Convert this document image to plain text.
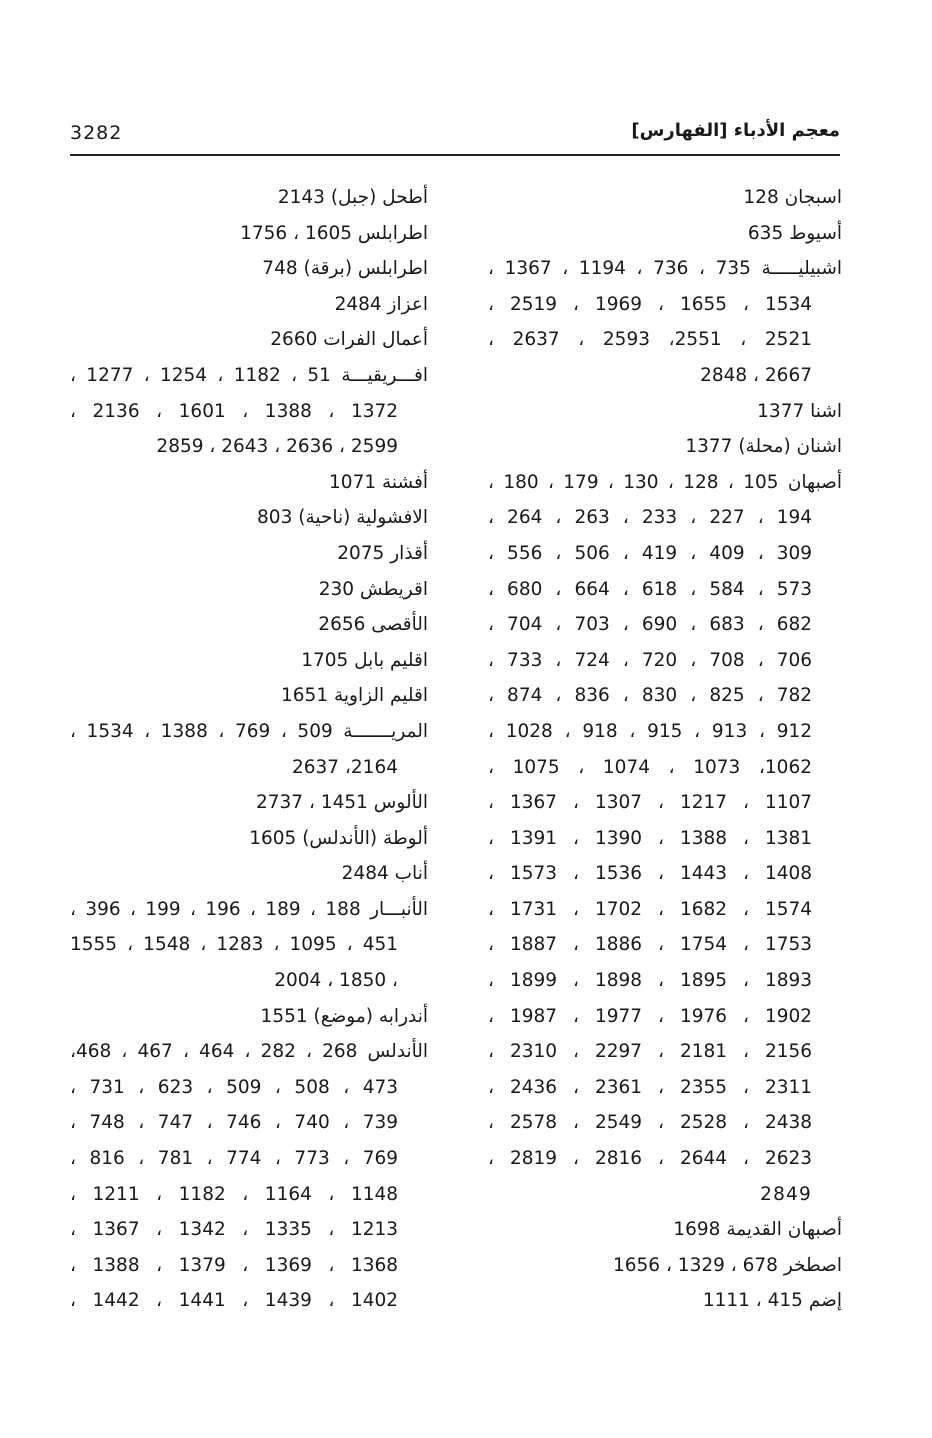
3282	معجم الأدباء [الفهارس]
اسبجان 128
أسيوط 635
اشبيليـــــة 735 ، 736 ، 1194 ، 1367 ،
1534 ، 1655 ، 1969 ، 2519 ،
2521 ، 2551، 2593 ، 2637 ،
2667 ، 2848
اشنا 1377
اشنان (محلة) 1377
أصبهان 105 ، 128 ، 130 ، 179 ، 180 ،
194 ، 227 ، 233 ، 263 ، 264 ،
309 ، 409 ، 419 ، 506 ، 556 ،
573 ، 584 ، 618 ، 664 ، 680 ،
682 ، 683 ، 690 ، 703 ، 704 ،
706 ، 708 ، 720 ، 724 ، 733 ،
782 ، 825 ، 830 ، 836 ، 874 ،
912 ، 913 ، 915 ، 918 ، 1028 ،
1062، 1073 ، 1074 ، 1075 ،
1107 ، 1217 ، 1307 ، 1367 ،
1381 ، 1388 ، 1390 ، 1391 ،
1408 ، 1443 ، 1536 ، 1573 ،
1574 ، 1682 ، 1702 ، 1731 ،
1753 ، 1754 ، 1886 ، 1887 ،
1893 ، 1895 ، 1898 ، 1899 ،
1902 ، 1976 ، 1977 ، 1987 ،
2156 ، 2181 ، 2297 ، 2310 ،
2311 ، 2355 ، 2361 ، 2436 ،
2438 ، 2528 ، 2549 ، 2578 ،
2623 ، 2644 ، 2816 ، 2819 ،
2849
أصبهان القديمة 1698
اصطخر 678 ، 1329 ، 1656
إضم 415 ، 1111
أطحل (جبل) 2143
اطرابلس 1605 ، 1756
اطرابلس (برقة) 748
اعزاز 2484
أعمال الفرات 2660
افـــريقيـــة 51 ، 1182 ، 1254 ، 1277 ،
1372 ، 1388 ، 1601 ، 2136 ،
2599 ، 2636 ، 2643 ، 2859
أفشنة 1071
الافشولية (ناحية) 803
أقذار 2075
اقريطش 230
الأقصى 2656
اقليم بابل 1705
اقليم الزاوية 1651
المريـــــــة 509 ، 769 ، 1388 ، 1534 ،
2164، 2637
الألوس 1451 ، 2737
ألوطة (الأندلس) 1605
أناب 2484
الأنبـــار 188 ، 189 ، 196 ، 199 ، 396 ،
451 ، 1095 ، 1283 ، 1548 ، 1555
، 1850 ، 2004
أندرابه (موضع) 1551
الأندلس 268 ، 282 ، 464 ، 467 ، 468،
473 ، 508 ، 509 ، 623 ، 731 ،
739 ، 740 ، 746 ، 747 ، 748 ،
769 ، 773 ، 774 ، 781 ، 816 ،
1148 ، 1164 ، 1182 ، 1211 ،
1213 ، 1335 ، 1342 ، 1367 ،
1368 ، 1369 ، 1379 ، 1388 ،
1402 ، 1439 ، 1441 ، 1442 ،
